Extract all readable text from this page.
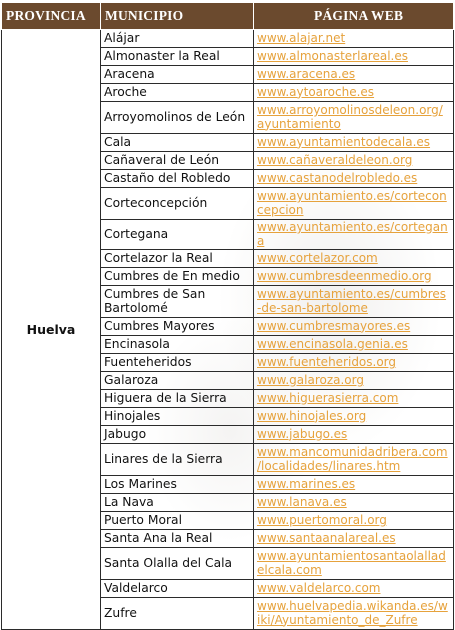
PROVINCIA	MUNICIPIO	PÁGINA WEB
Huelva	Alájar	www.alajar.net
	Almonaster la Real	www.almonasterlareal.es
	Aracena	www.aracena.es
	Aroche	www.aytoaroche.es
	Arroyomolinos de León	www.arroyomolinosdeleon.org/ayuntamiento
	Cala	www.ayuntamientodecala.es
	Cañaveral de León	www.cañaveraldeleon.org
	Castaño del Robledo	www.castanodelrobledo.es
	Corteconcepción	www.ayuntamiento.es/corteconcepcion
	Cortegana	www.ayuntamiento.es/cortegana
	Cortelazor la Real	www.cortelazor.com
	Cumbres de En medio	www.cumbresdeenmedio.org
	Cumbres de San Bartolomé	www.ayuntamiento.es/cumbres-de-san-bartolome
	Cumbres Mayores	www.cumbresmayores.es
	Encinasola	www.encinasola.genia.es
	Fuenteheridos	www.fuenteheridos.org
	Galaroza	www.galaroza.org
	Higuera de la Sierra	www.higuerasierra.com
	Hinojales	www.hinojales.org
	Jabugo	www.jabugo.es
	Linares de la Sierra	www.mancomunidadribera.com/localidades/linares.htm
	Los Marines	www.marines.es
	La Nava	www.lanava.es
	Puerto Moral	www.puertomoral.org
	Santa Ana la Real	www.santaanalareal.es
	Santa Olalla del Cala	www.ayuntamientosantaolalladelcala.com
	Valdelarco	www.valdelarco.com
	Zufre	www.huelvapedia.wikanda.es/wiki/Ayuntamiento_de_Zufre
